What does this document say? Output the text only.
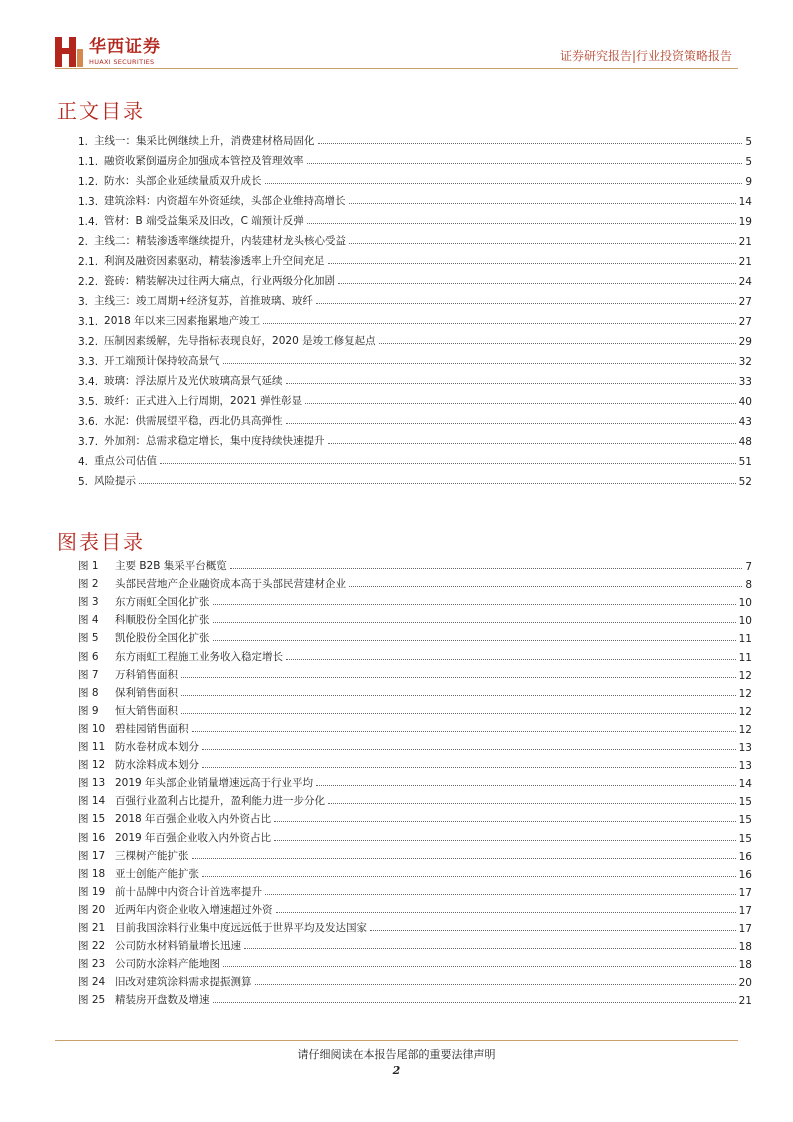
华西证券
HUAXI SECURITIES	证券研究报告|行业投资策略报告
正文目录
1. 主线一：集采比例继续上升，消费建材格局固化	5
1.1. 融资收紧倒逼房企加强成本管控及管理效率	5
1.2. 防水：头部企业延续量质双升成长	9
1.3. 建筑涂料：内资超车外资延续，头部企业维持高增长	14
1.4. 管材：B 端受益集采及旧改，C 端预计反弹	19
2. 主线二：精装渗透率继续提升，内装建材龙头核心受益	21
2.1. 利润及融资因素驱动，精装渗透率上升空间充足	21
2.2. 瓷砖：精装解决过往两大痛点，行业两级分化加剧	24
3. 主线三：竣工周期+经济复苏，首推玻璃、玻纤	27
3.1. 2018 年以来三因素拖累地产竣工	27
3.2. 压制因素缓解，先导指标表现良好，2020 是竣工修复起点	29
3.3. 开工端预计保持较高景气	32
3.4. 玻璃：浮法原片及光伏玻璃高景气延续	33
3.5. 玻纤：正式进入上行周期，2021 弹性彰显	40
3.6. 水泥：供需展望平稳，西北仍具高弹性	43
3.7. 外加剂：总需求稳定增长，集中度持续快速提升	48
4. 重点公司估值	51
5. 风险提示	52
图表目录
图 1	主要 B2B 集采平台概览	7
图 2	头部民营地产企业融资成本高于头部民营建材企业	8
图 3	东方雨虹全国化扩张	10
图 4	科顺股份全国化扩张	10
图 5	凯伦股份全国化扩张	11
图 6	东方雨虹工程施工业务收入稳定增长	11
图 7	万科销售面积	12
图 8	保利销售面积	12
图 9	恒大销售面积	12
图 10 碧桂园销售面积	12
图 11 防水卷材成本划分	13
图 12 防水涂料成本划分	13
图 13 2019 年头部企业销量增速远高于行业平均	14
图 14 百强行业盈利占比提升，盈利能力进一步分化	15
图 15 2018 年百强企业收入内外资占比	15
图 16 2019 年百强企业收入内外资占比	15
图 17 三棵树产能扩张	16
图 18 亚士创能产能扩张	16
图 19 前十品牌中内资合计首选率提升	17
图 20 近两年内资企业收入增速超过外资	17
图 21 目前我国涂料行业集中度远远低于世界平均及发达国家	17
图 22 公司防水材料销量增长迅速	18
图 23 公司防水涂料产能地图	18
图 24 旧改对建筑涂料需求提振测算	20
图 25 精装房开盘数及增速	21
请仔细阅读在本报告尾部的重要法律声明
2
